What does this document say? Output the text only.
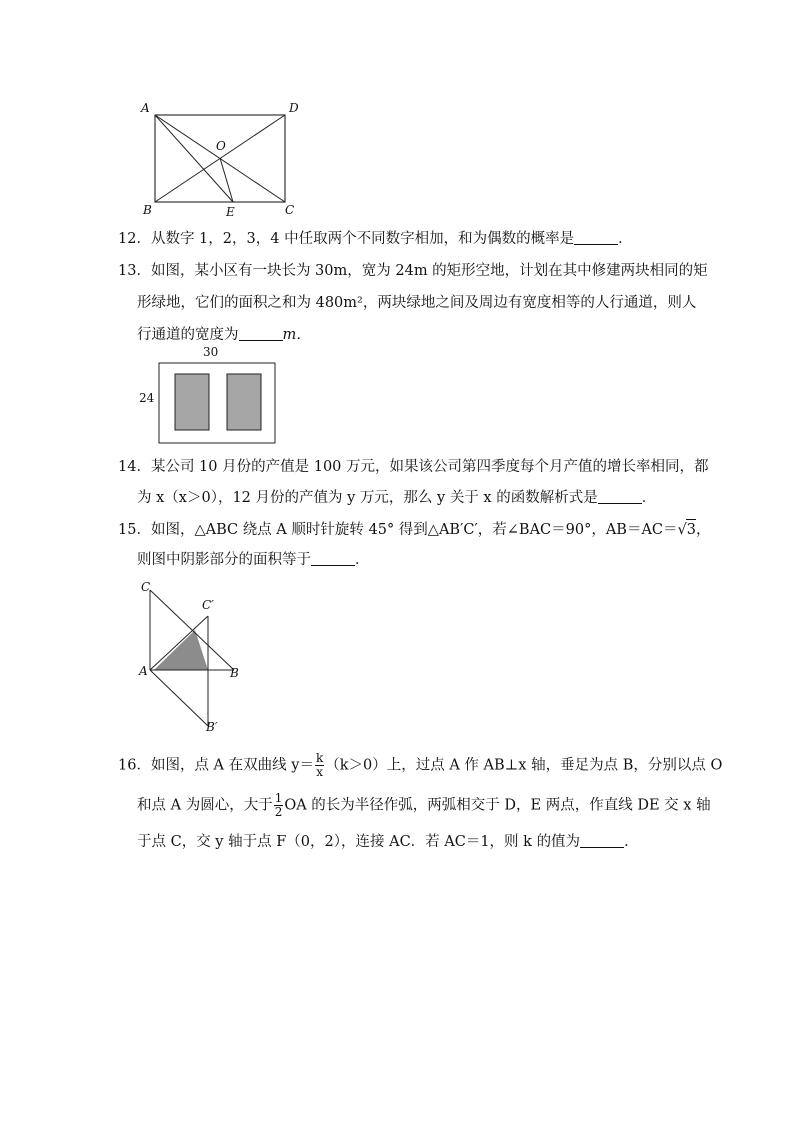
A	D
O
B	E	C
12．从数字 1，2，3，4 中任取两个不同数字相加，和为偶数的概率是	．
13．如图，某小区有一块长为 30m，宽为 24m 的矩形空地，计划在其中修建两块相同的矩
形绿地，它们的面积之和为 480m²，两块绿地之间及周边有宽度相等的人行通道，则人
行通道的宽度为	m．
30
24
14．某公司 10 月份的产值是 100 万元，如果该公司第四季度每个月产值的增长率相同，都
为 x（x＞0），12 月份的产值为 y 万元，那么 y 关于 x 的函数解析式是	．
15．如图，△ABC 绕点 A 顺时针旋转 45° 得到△AB′C′，若∠BAC＝90°，AB＝AC＝√3，
则图中阴影部分的面积等于	．
C
C′
A	B
B′
16．如图，点 A 在双曲线 $y= \frac{k}{x} (k>0)$上，过点 A 作 AB⊥x 轴，垂足为点 B，分别以点 O
和点 A 为圆心，大于 $\frac{1}{2}$ OA 的长为半径作弧，两弧相交于 D，E 两点，作直线 DE 交 x 轴
于点 C，交 y 轴于点 F（0，2），连接 AC．若 AC＝1，则 k 的值为	．
